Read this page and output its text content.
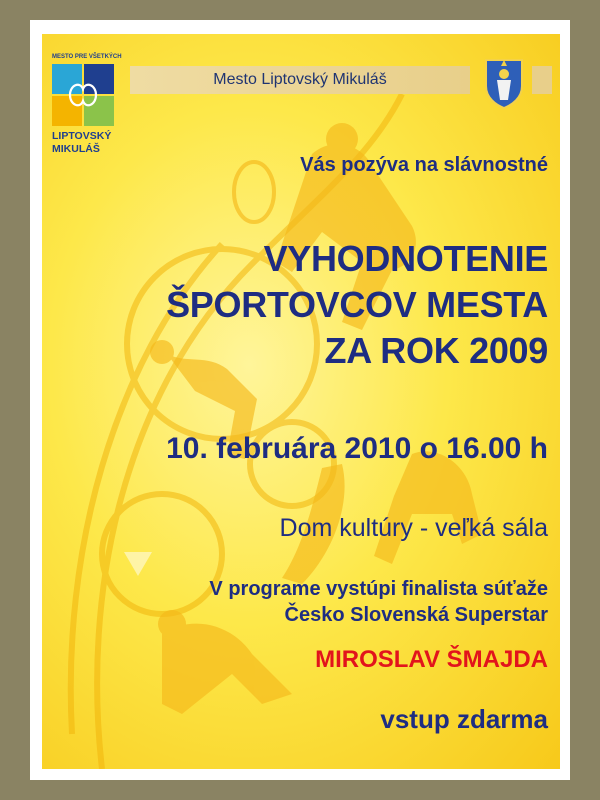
MESTO PRE VŠETKÝCH
LIPTOVSKÝ
MIKULÁŠ
Mesto Liptovský Mikuláš
Vás pozýva na slávnostné
VYHODNOTENIE
ŠPORTOVCOV MESTA
ZA ROK 2009
10. februára 2010 o 16.00 h
Dom kultúry - veľká sála
V programe vystúpi finalista súťaže
Česko Slovenská Superstar
MIROSLAV ŠMAJDA
vstup zdarma
